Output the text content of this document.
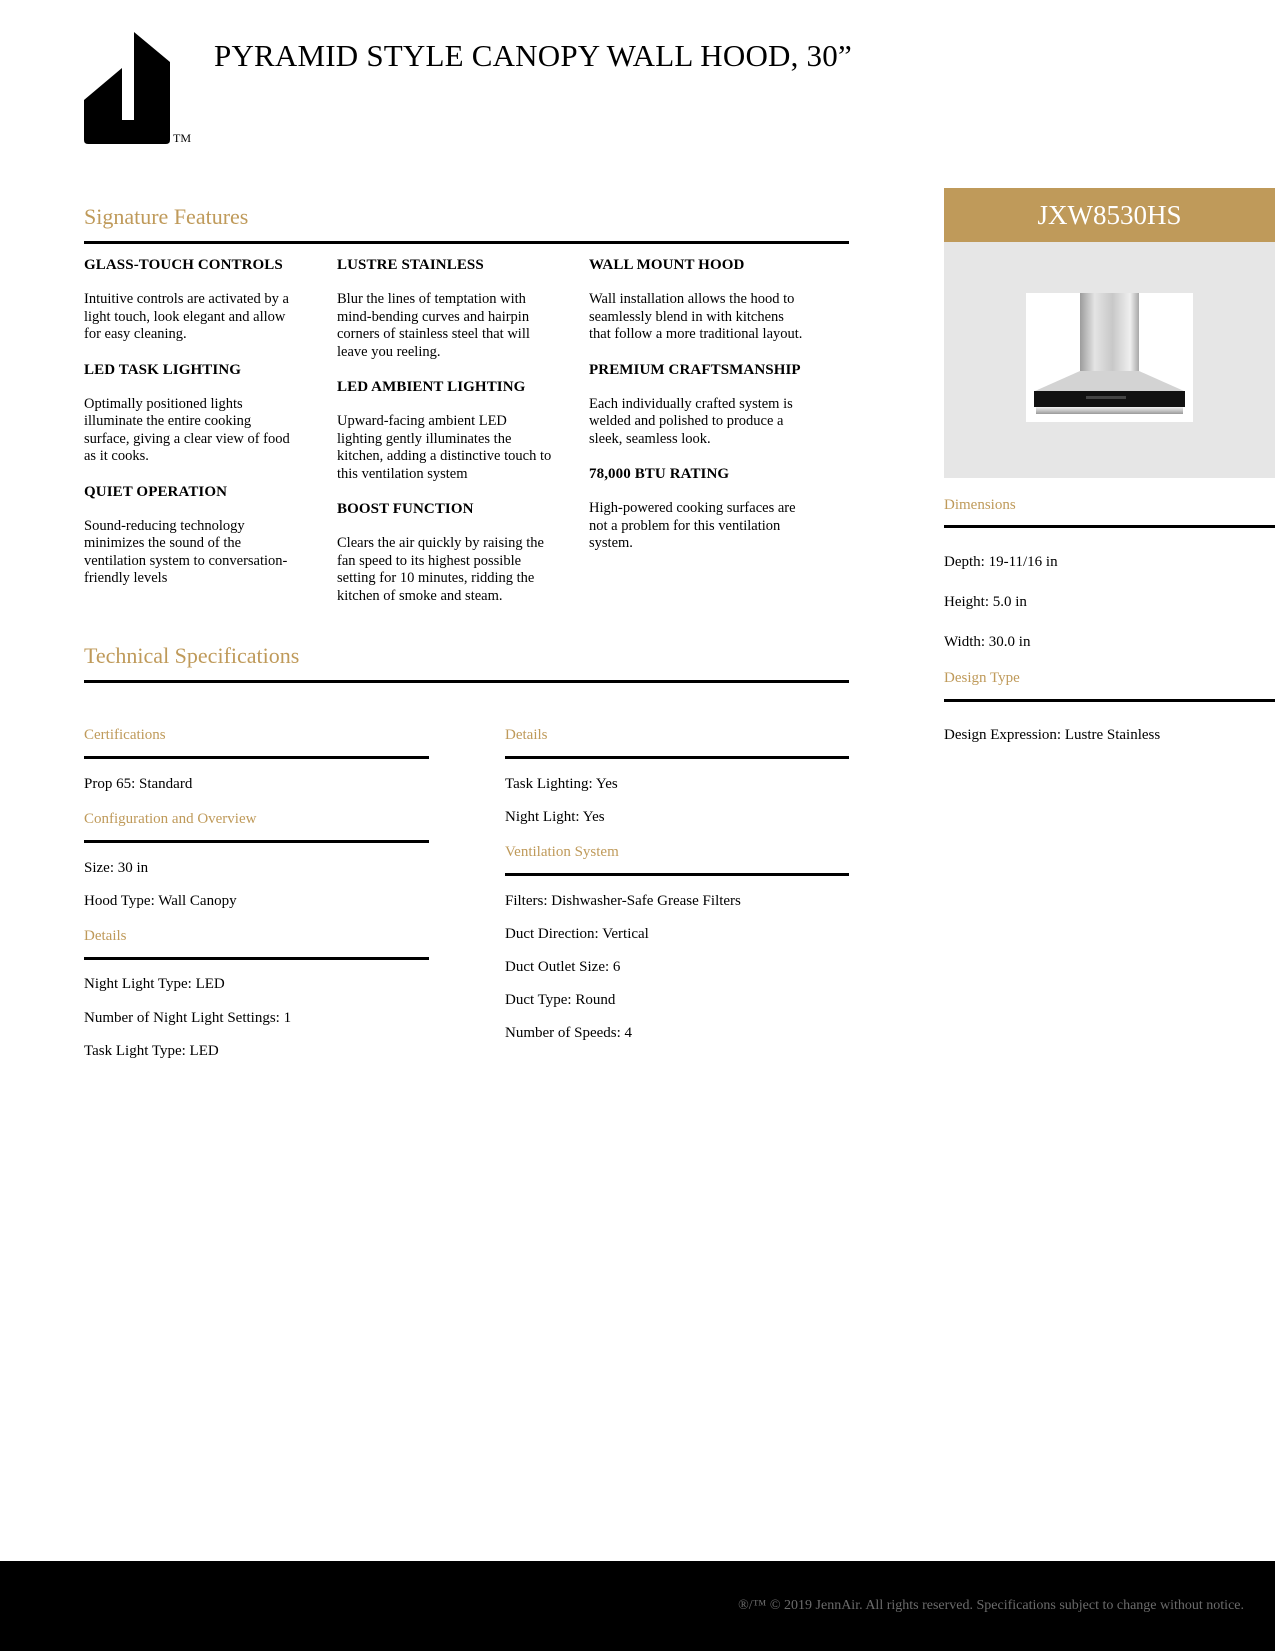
TM
PYRAMID STYLE CANOPY WALL HOOD, 30”
Signature Features
GLASS-TOUCH CONTROLS
Intuitive controls are activated by a light touch, look elegant and allow for easy cleaning.
LED TASK LIGHTING
Optimally positioned lights illuminate the entire cooking surface, giving a clear view of food as it cooks.
QUIET OPERATION
Sound-reducing technology minimizes the sound of the ventilation system to conversation-friendly levels
LUSTRE STAINLESS
Blur the lines of temptation with mind-bending curves and hairpin corners of stainless steel that will leave you reeling.
LED AMBIENT LIGHTING
Upward-facing ambient LED lighting gently illuminates the kitchen, adding a distinctive touch to this ventilation system
BOOST FUNCTION
Clears the air quickly by raising the fan speed to its highest possible setting for 10 minutes, ridding the kitchen of smoke and steam.
WALL MOUNT HOOD
Wall installation allows the hood to seamlessly blend in with kitchens that follow a more traditional layout.
PREMIUM CRAFTSMANSHIP
Each individually crafted system is welded and polished to produce a sleek, seamless look.
78,000 BTU RATING
High-powered cooking surfaces are not a problem for this ventilation system.
Technical Specifications
Certifications
Prop 65: Standard
Configuration and Overview
Size: 30 in
Hood Type: Wall Canopy
Details
Night Light Type: LED
Number of Night Light Settings: 1
Task Light Type: LED
Details
Task Lighting: Yes
Night Light: Yes
Ventilation System
Filters: Dishwasher-Safe Grease Filters
Duct Direction: Vertical
Duct Outlet Size: 6
Duct Type: Round
Number of Speeds: 4
JXW8530HS
Dimensions
Depth: 19-11/16 in
Height: 5.0 in
Width: 30.0 in
Design Type
Design Expression: Lustre Stainless
®/™ © 2019 JennAir. All rights reserved. Specifications subject to change without notice.
